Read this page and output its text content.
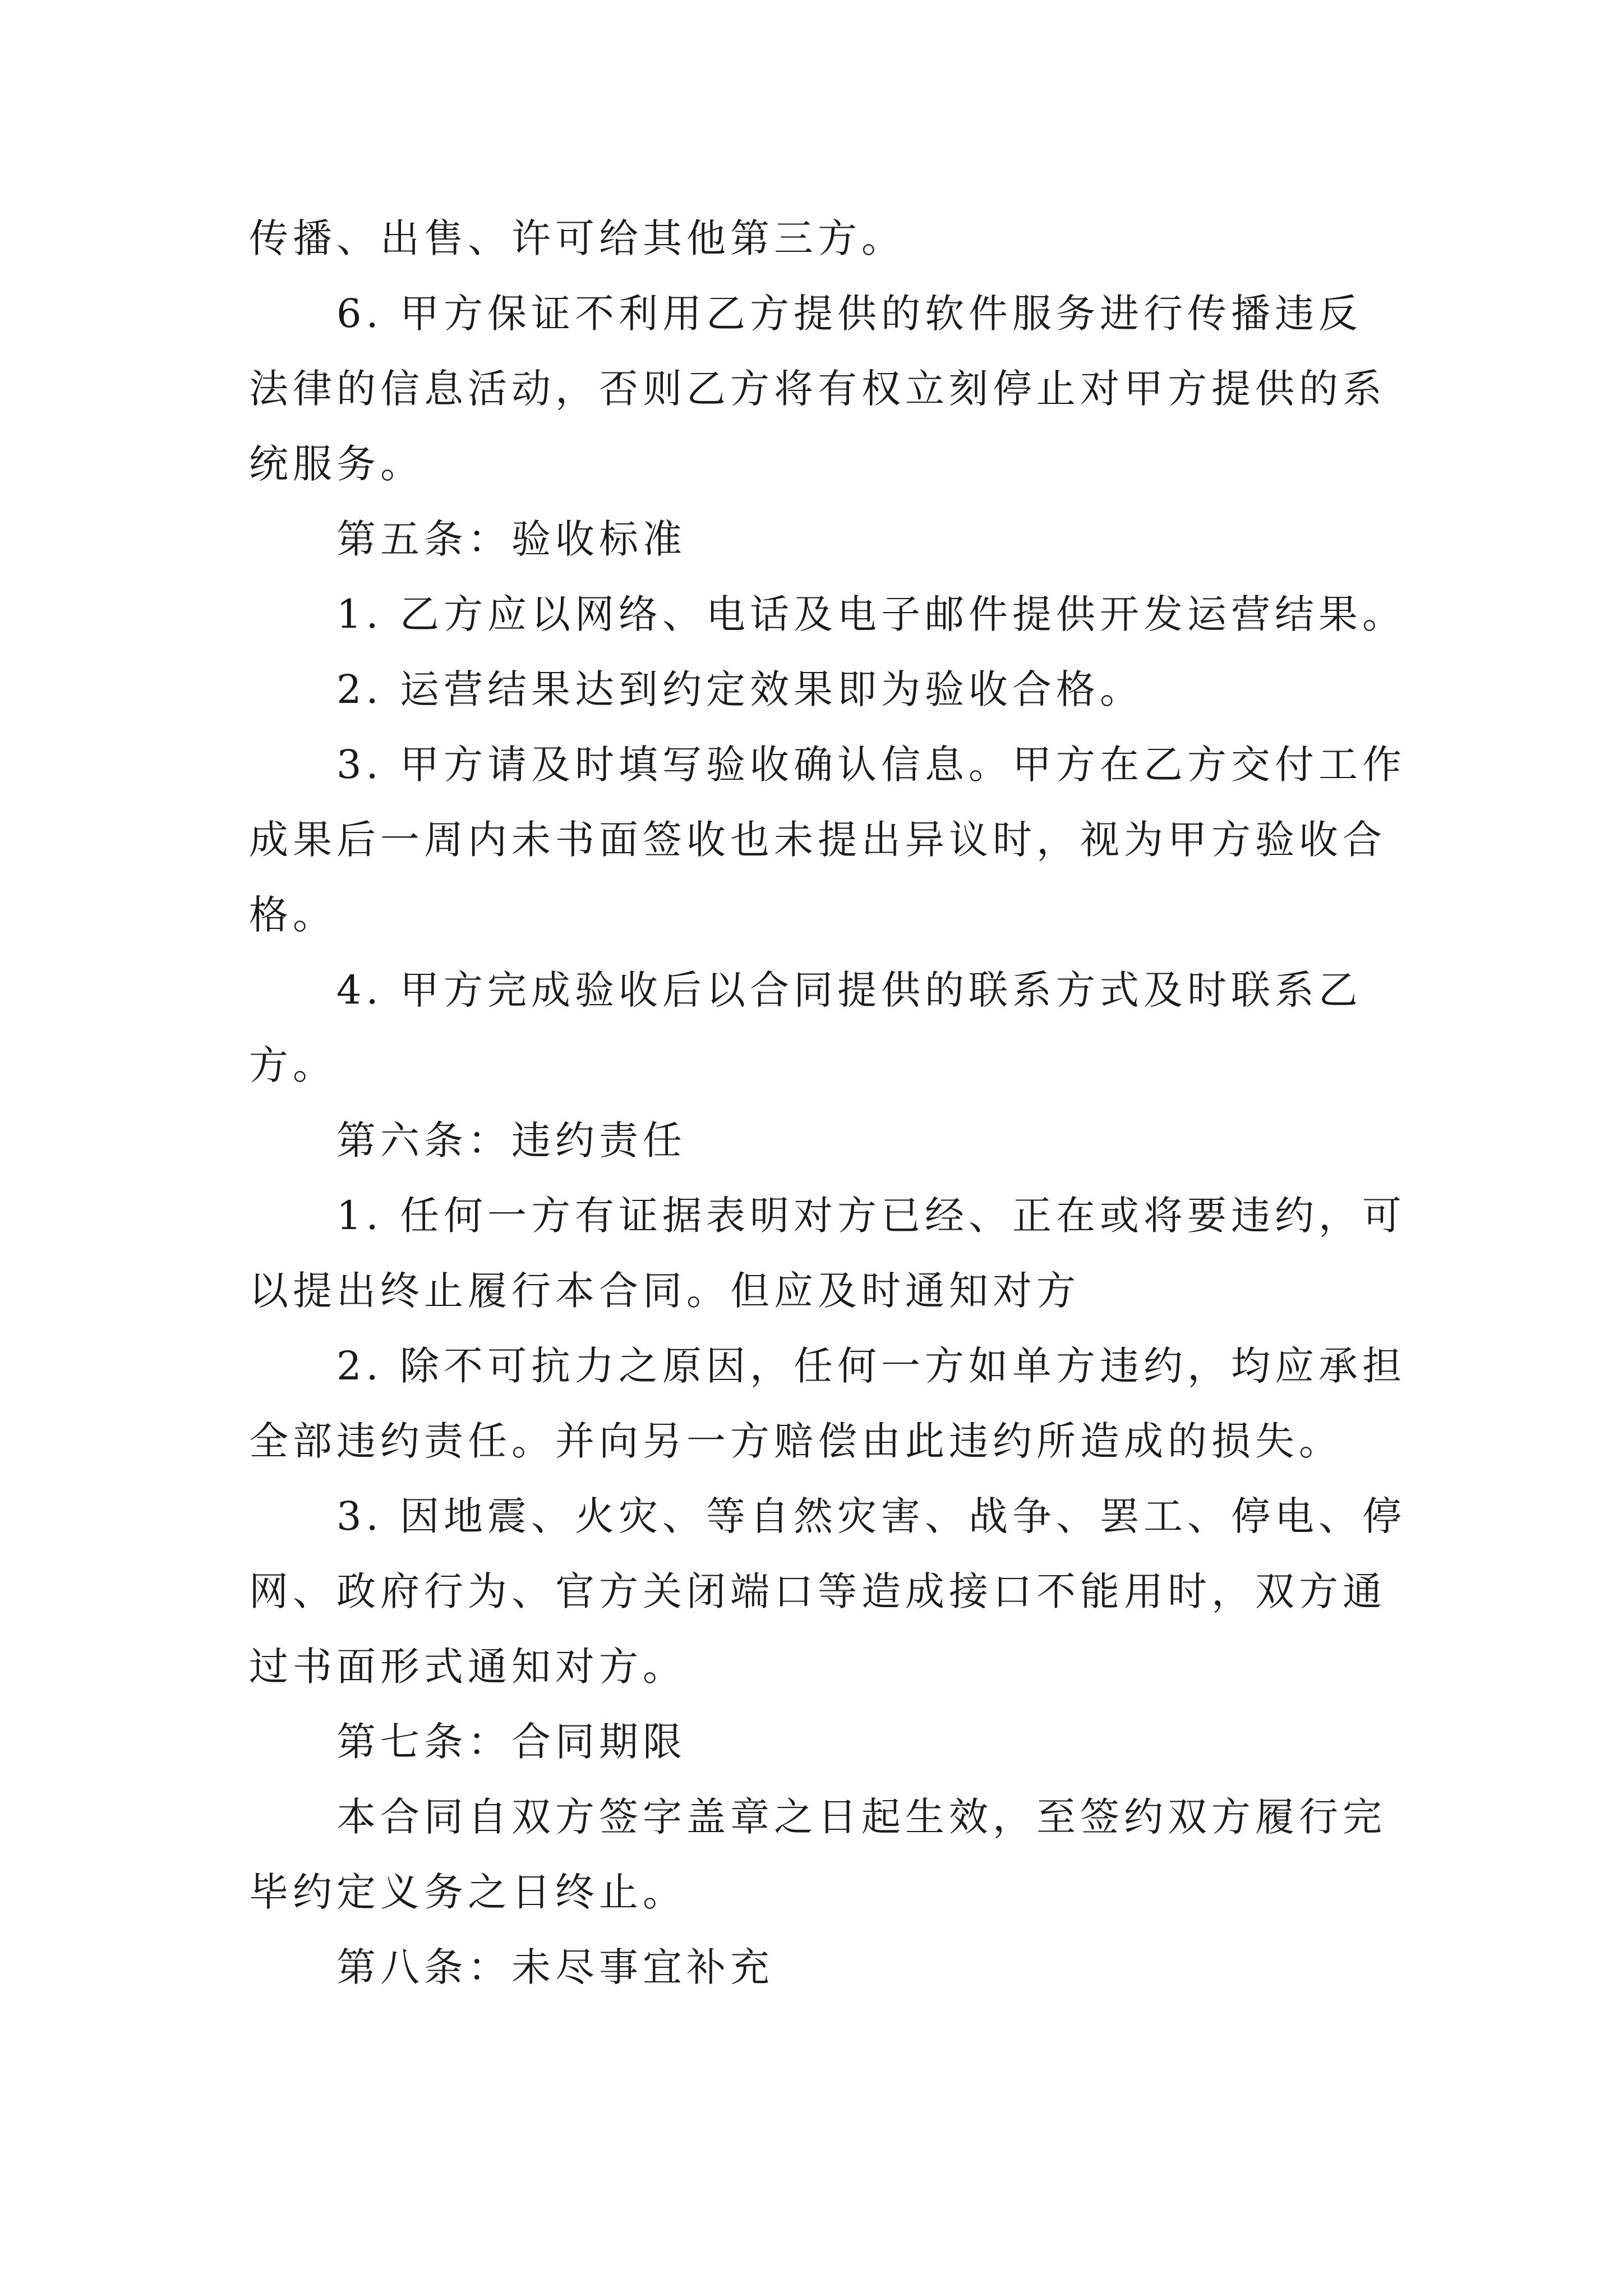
传播、出售、许可给其他第三方。
6. 甲方保证不利用乙方提供的软件服务进行传播违反
法律的信息活动，否则乙方将有权立刻停止对甲方提供的系
统服务。
第五条：验收标准
1. 乙方应以网络、电话及电子邮件提供开发运营结果。
2. 运营结果达到约定效果即为验收合格。
3. 甲方请及时填写验收确认信息。甲方在乙方交付工作
成果后一周内未书面签收也未提出异议时，视为甲方验收合
格。
4. 甲方完成验收后以合同提供的联系方式及时联系乙
方。
第六条：违约责任
1. 任何一方有证据表明对方已经、正在或将要违约，可
以提出终止履行本合同。但应及时通知对方
2. 除不可抗力之原因，任何一方如单方违约，均应承担
全部违约责任。并向另一方赔偿由此违约所造成的损失。
3. 因地震、火灾、等自然灾害、战争、罢工、停电、停
网、政府行为、官方关闭端口等造成接口不能用时，双方通
过书面形式通知对方。
第七条：合同期限
本合同自双方签字盖章之日起生效，至签约双方履行完
毕约定义务之日终止。
第八条：未尽事宜补充
